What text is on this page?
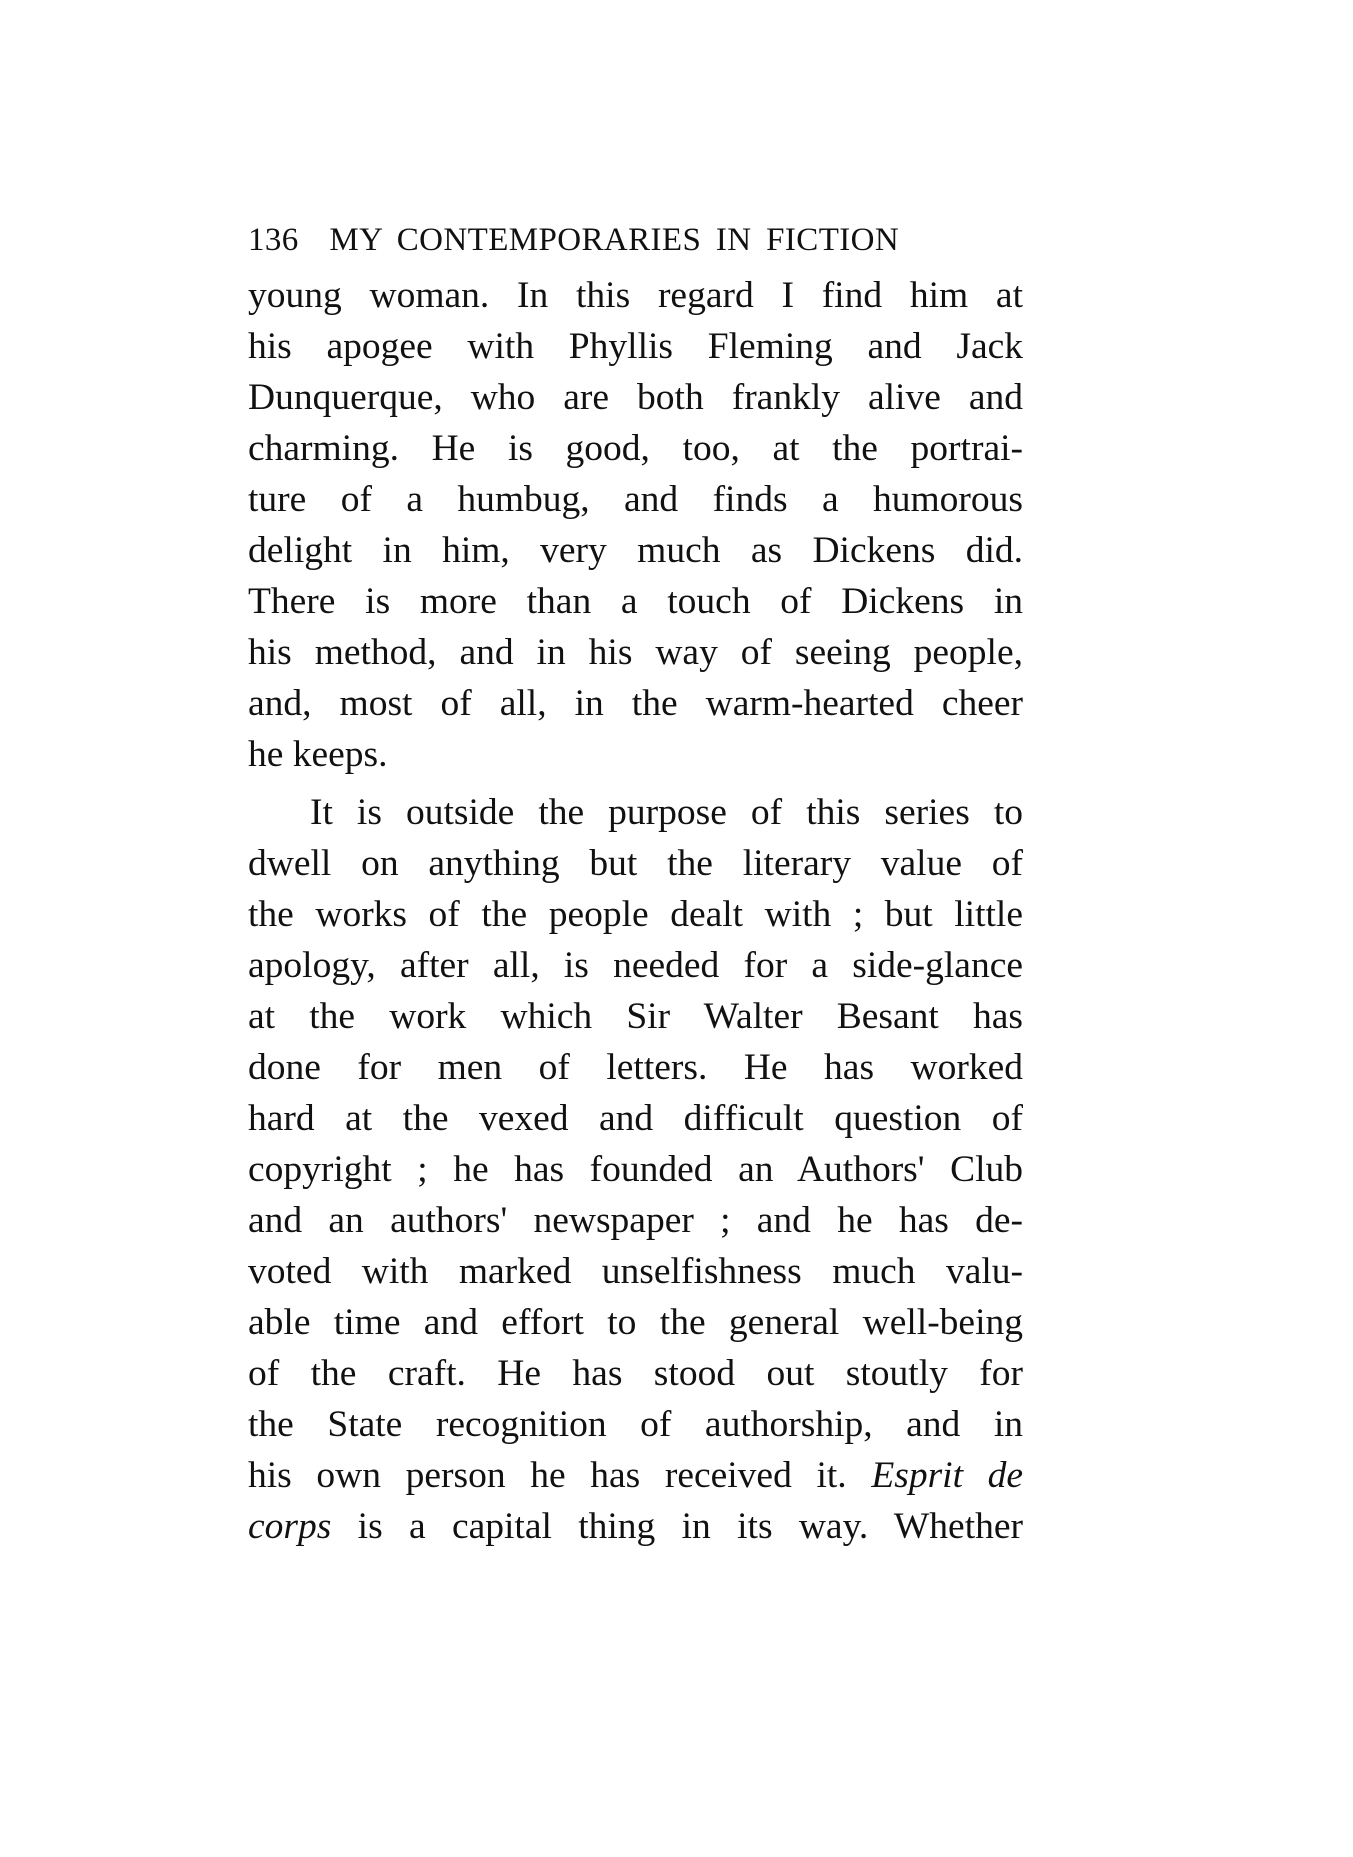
136 MY CONTEMPORARIES IN FICTION
young woman. In this regard I find him at
his apogee with Phyllis Fleming and Jack
Dunquerque, who are both frankly alive and
charming. He is good, too, at the portrai-
ture of a humbug, and finds a humorous
delight in him, very much as Dickens did.
There is more than a touch of Dickens in
his method, and in his way of seeing people,
and, most of all, in the warm-hearted cheer
he keeps.
It is outside the purpose of this series to
dwell on anything but the literary value of
the works of the people dealt with ; but little
apology, after all, is needed for a side-glance
at the work which Sir Walter Besant has
done for men of letters. He has worked
hard at the vexed and difficult question of
copyright ; he has founded an Authors' Club
and an authors' newspaper ; and he has de-
voted with marked unselfishness much valu-
able time and effort to the general well-being
of the craft. He has stood out stoutly for
the State recognition of authorship, and in
his own person he has received it. Esprit de
corps is a capital thing in its way. Whether
